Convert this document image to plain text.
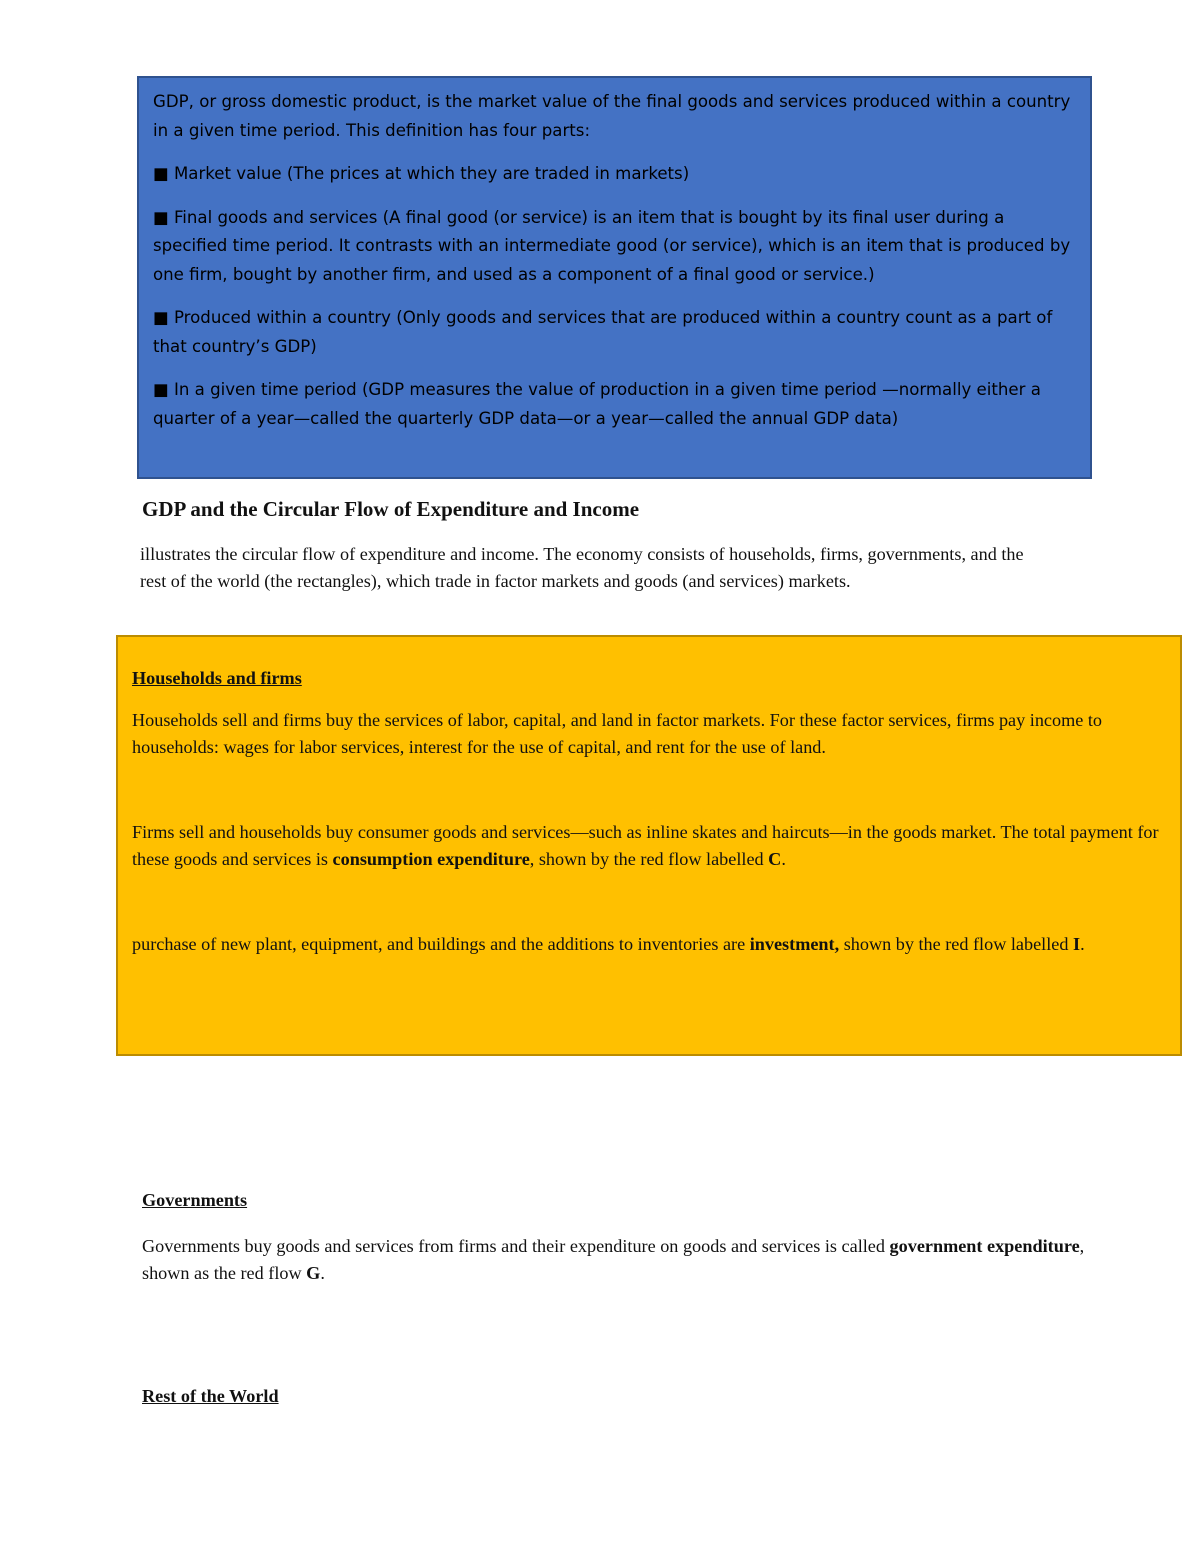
GDP, or gross domestic product, is the market value of the final goods and services produced within a country in a given time period. This definition has four parts:

■ Market value (The prices at which they are traded in markets)

■ Final goods and services (A final good (or service) is an item that is bought by its final user during a specified time period. It contrasts with an intermediate good (or service), which is an item that is produced by one firm, bought by another firm, and used as a component of a final good or service.)

■ Produced within a country (Only goods and services that are produced within a country count as a part of that country’s GDP)

■ In a given time period (GDP measures the value of production in a given time period —normally either a quarter of a year—called the quarterly GDP data—or a year—called the annual GDP data)

GDP and the Circular Flow of Expenditure and Income

illustrates the circular flow of expenditure and income. The economy consists of households, firms, governments, and the rest of the world (the rectangles), which trade in factor markets and goods (and services) markets.

Households and firms

Households sell and firms buy the services of labor, capital, and land in factor markets. For these factor services, firms pay income to households: wages for labor services, interest for the use of capital, and rent for the use of land.

Firms sell and households buy consumer goods and services—such as inline skates and haircuts—in the goods market. The total payment for these goods and services is consumption expenditure, shown by the red flow labelled C.

purchase of new plant, equipment, and buildings and the additions to inventories are investment, shown by the red flow labelled I.

Governments

Governments buy goods and services from firms and their expenditure on goods and services is called government expenditure, shown as the red flow G.

Rest of the World
